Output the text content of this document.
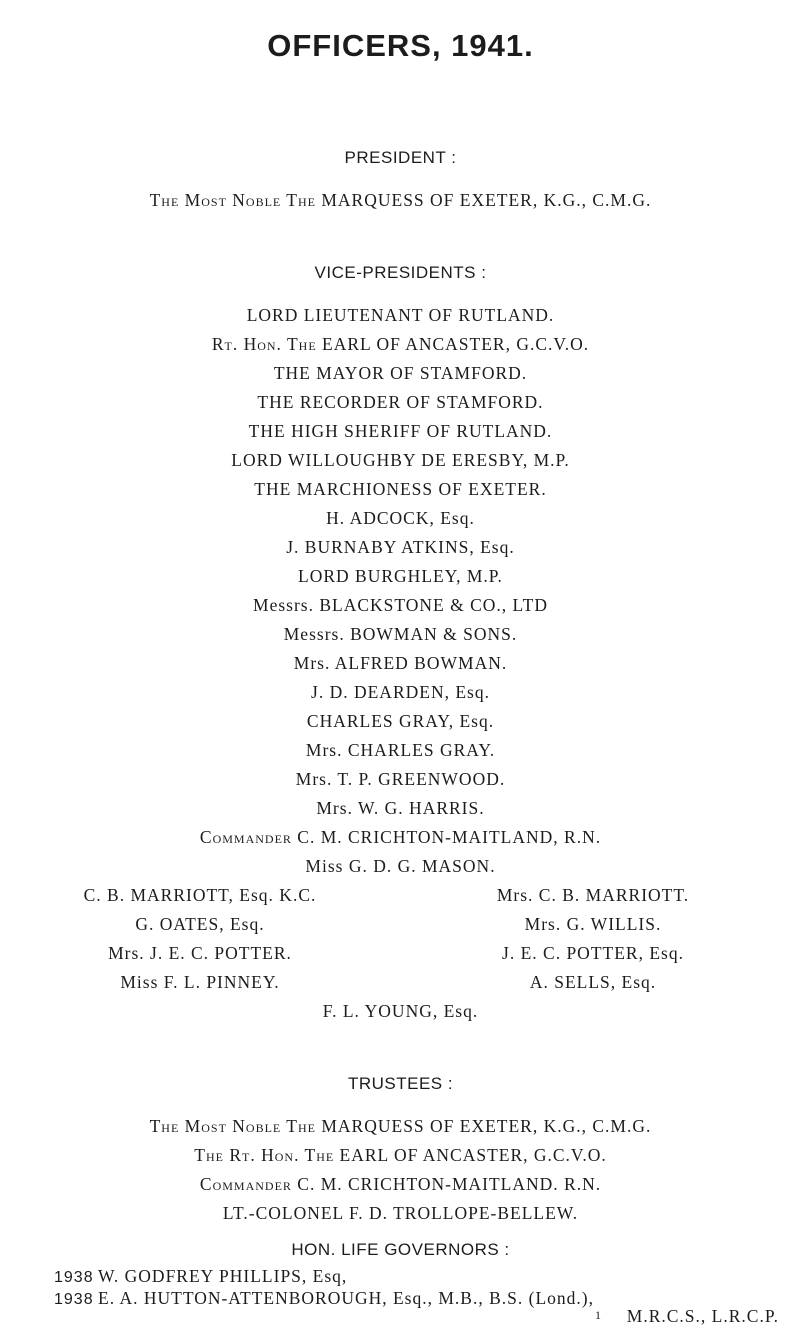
OFFICERS, 1941.
PRESIDENT :
The Most Noble The MARQUESS OF EXETER, K.G., C.M.G.
VICE-PRESIDENTS :
LORD LIEUTENANT OF RUTLAND.
Rt. Hon. The EARL OF ANCASTER, G.C.V.O.
THE MAYOR OF STAMFORD.
THE RECORDER OF STAMFORD.
THE HIGH SHERIFF OF RUTLAND.
LORD WILLOUGHBY DE ERESBY, M.P.
THE MARCHIONESS OF EXETER.
H. ADCOCK, Esq.
J. BURNABY ATKINS, Esq.
LORD BURGHLEY, M.P.
Messrs. BLACKSTONE & CO., LTD
Messrs. BOWMAN & SONS.
Mrs. ALFRED BOWMAN.
J. D. DEARDEN, Esq.
CHARLES GRAY, Esq.
Mrs. CHARLES GRAY.
Mrs. T. P. GREENWOOD.
Mrs. W. G. HARRIS.
Commander C. M. CRICHTON-MAITLAND, R.N.
Miss G. D. G. MASON.
C. B. MARRIOTT, Esq. K.C.	Mrs. C. B. MARRIOTT.
G. OATES, Esq.	Mrs. G. WILLIS.
Mrs. J. E. C. POTTER.	J. E. C. POTTER, Esq.
Miss F. L. PINNEY.	A. SELLS, Esq.
F. L. YOUNG, Esq.
TRUSTEES :
The Most Noble The MARQUESS OF EXETER, K.G., C.M.G.
The Rt. Hon. The EARL OF ANCASTER, G.C.V.O.
Commander C. M. CRICHTON-MAITLAND. R.N.
LT.-COLONEL F. D. TROLLOPE-BELLEW.
HON. LIFE GOVERNORS :
1938 W. GODFREY PHILLIPS, Esq,
1938 E. A. HUTTON-ATTENBOROUGH, Esq., M.B., B.S. (Lond.),
M.R.C.S., L.R.C.P.
1
